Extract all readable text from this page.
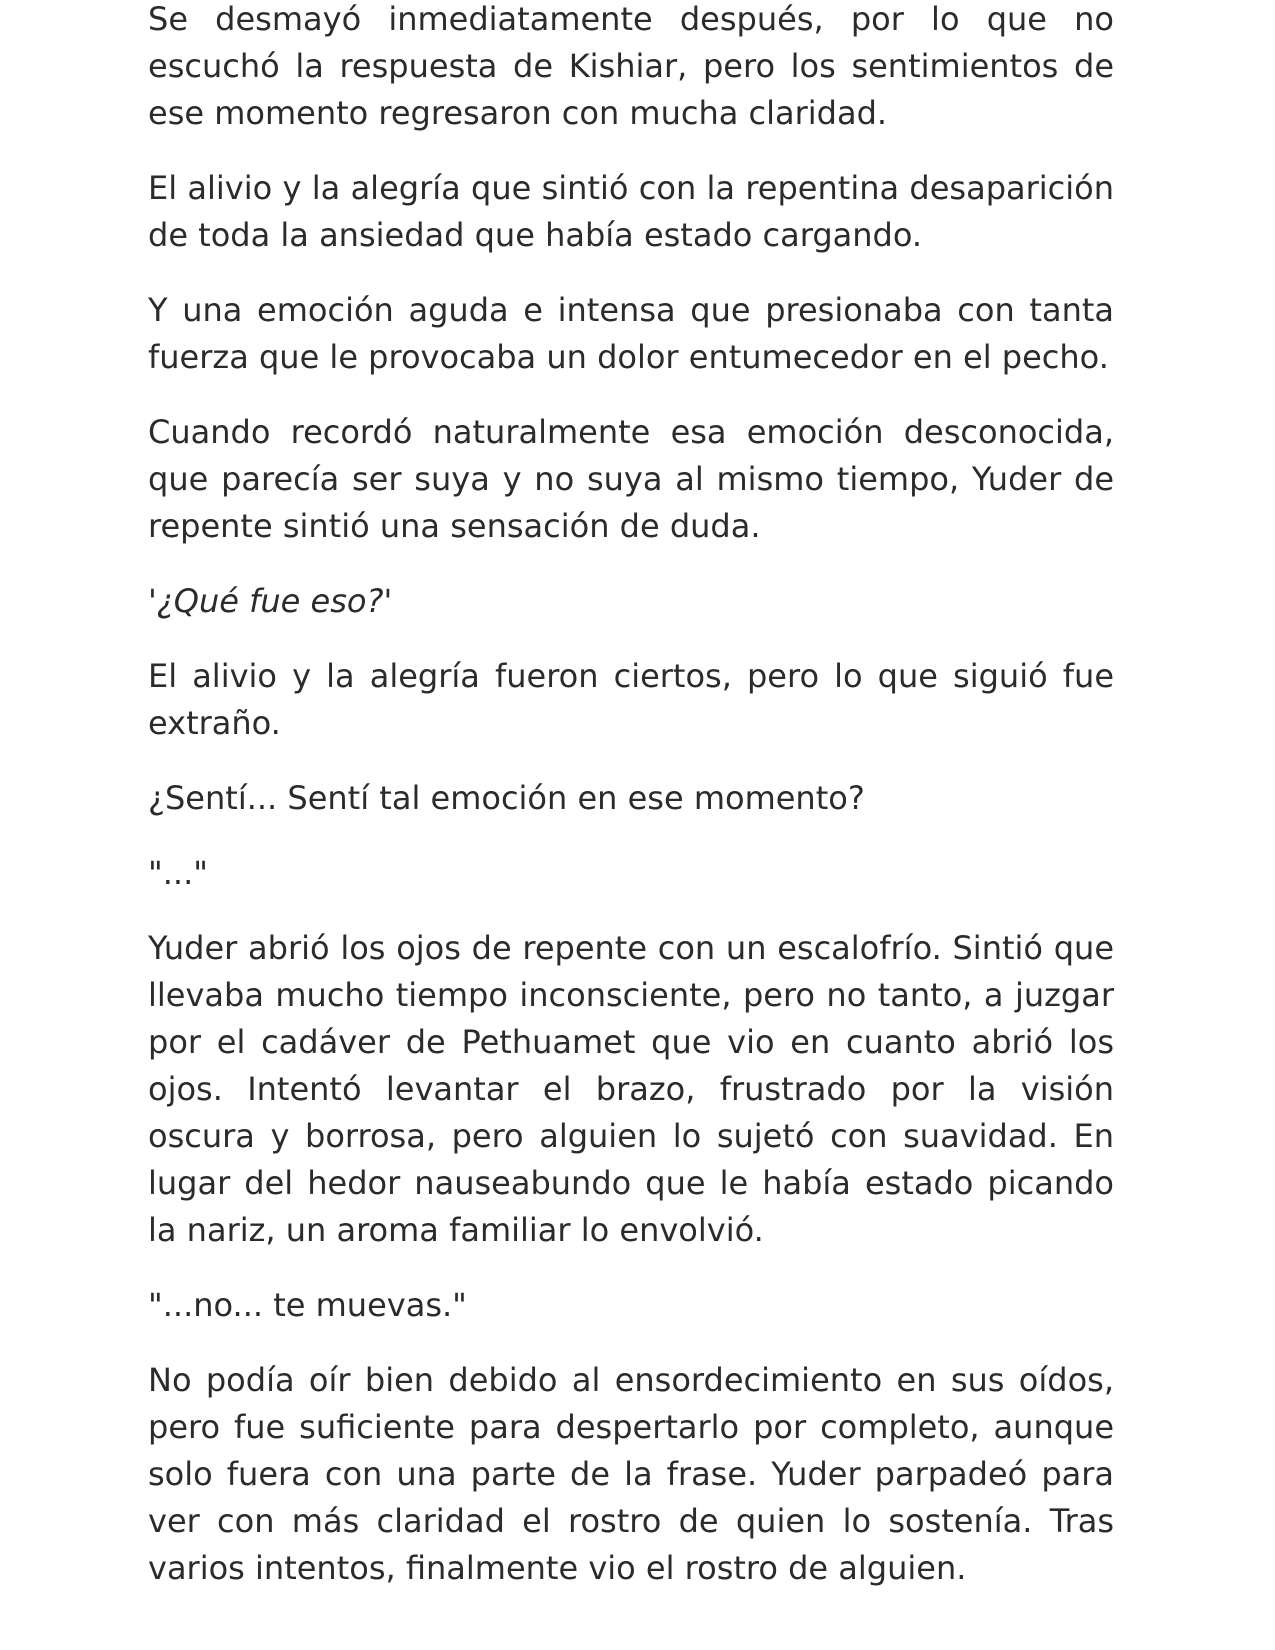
Se desmayó inmediatamente después, por lo que no escuchó la respuesta de Kishiar, pero los sentimientos de ese momento regresaron con mucha claridad.

El alivio y la alegría que sintió con la repentina desaparición de toda la ansiedad que había estado cargando.

Y una emoción aguda e intensa que presionaba con tanta fuerza que le provocaba un dolor entumecedor en el pecho.

Cuando recordó naturalmente esa emoción desconocida, que parecía ser suya y no suya al mismo tiempo, Yuder de repente sintió una sensación de duda.

'¿Qué fue eso?'

El alivio y la alegría fueron ciertos, pero lo que siguió fue extraño.

¿Sentí... Sentí tal emoción en ese momento?

"..."

Yuder abrió los ojos de repente con un escalofrío. Sintió que llevaba mucho tiempo inconsciente, pero no tanto, a juzgar por el cadáver de Pethuamet que vio en cuanto abrió los ojos. Intentó levantar el brazo, frustrado por la visión oscura y borrosa, pero alguien lo sujetó con suavidad. En lugar del hedor nauseabundo que le había estado picando la nariz, un aroma familiar lo envolvió.

"...no... te muevas."

No podía oír bien debido al ensordecimiento en sus oídos, pero fue suficiente para despertarlo por completo, aunque solo fuera con una parte de la frase. Yuder parpadeó para ver con más claridad el rostro de quien lo sostenía. Tras varios intentos, finalmente vio el rostro de alguien.
